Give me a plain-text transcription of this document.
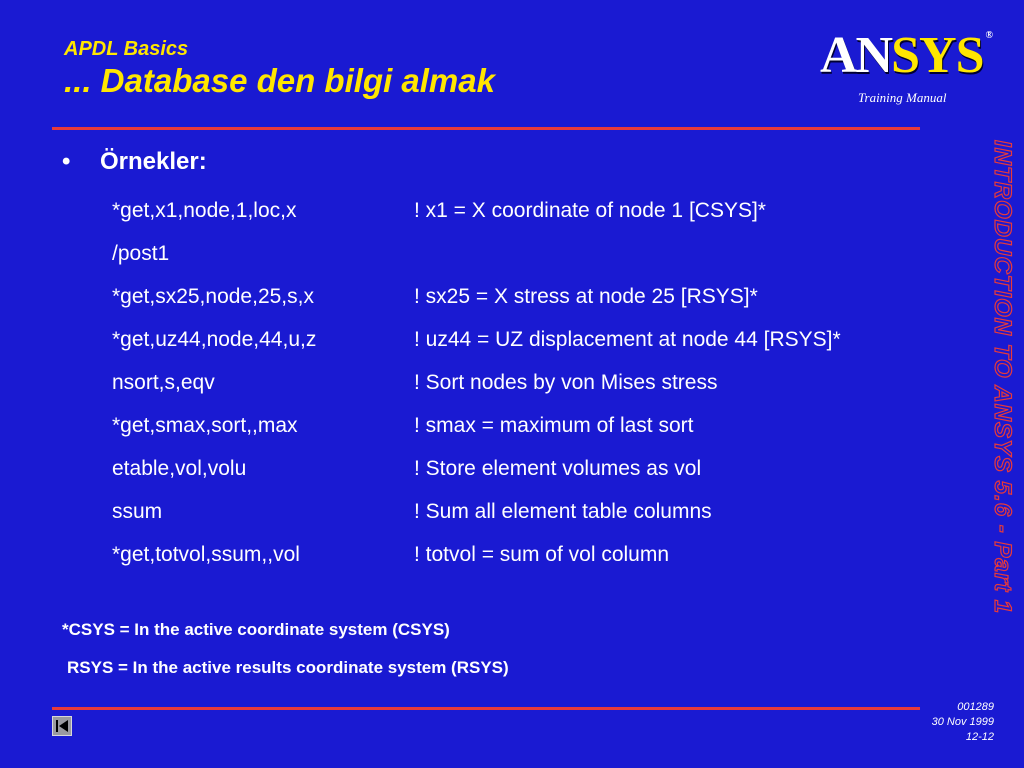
APDL Basics
... Database den bilgi almak	ANSYS ®
Training Manual
• Örnekler:
*get,x1,node,1,loc,x	! x1 = X coordinate of node 1 [CSYS]*
/post1
*get,sx25,node,25,s,x	! sx25 = X stress at node 25 [RSYS]*
*get,uz44,node,44,u,z	! uz44 = UZ displacement at node 44 [RSYS]*
nsort,s,eqv	! Sort nodes by von Mises stress
*get,smax,sort,,max	! smax = maximum of last sort
etable,vol,volu	! Store element volumes as vol
ssum	! Sum all element table columns
*get,totvol,ssum,,vol	! totvol = sum of vol column
*CSYS = In the active coordinate system (CSYS)
RSYS = In the active results coordinate system (RSYS)
INTRODUCTION TO ANSYS 5.6 - Part 1
001289
30 Nov 1999
12-12
